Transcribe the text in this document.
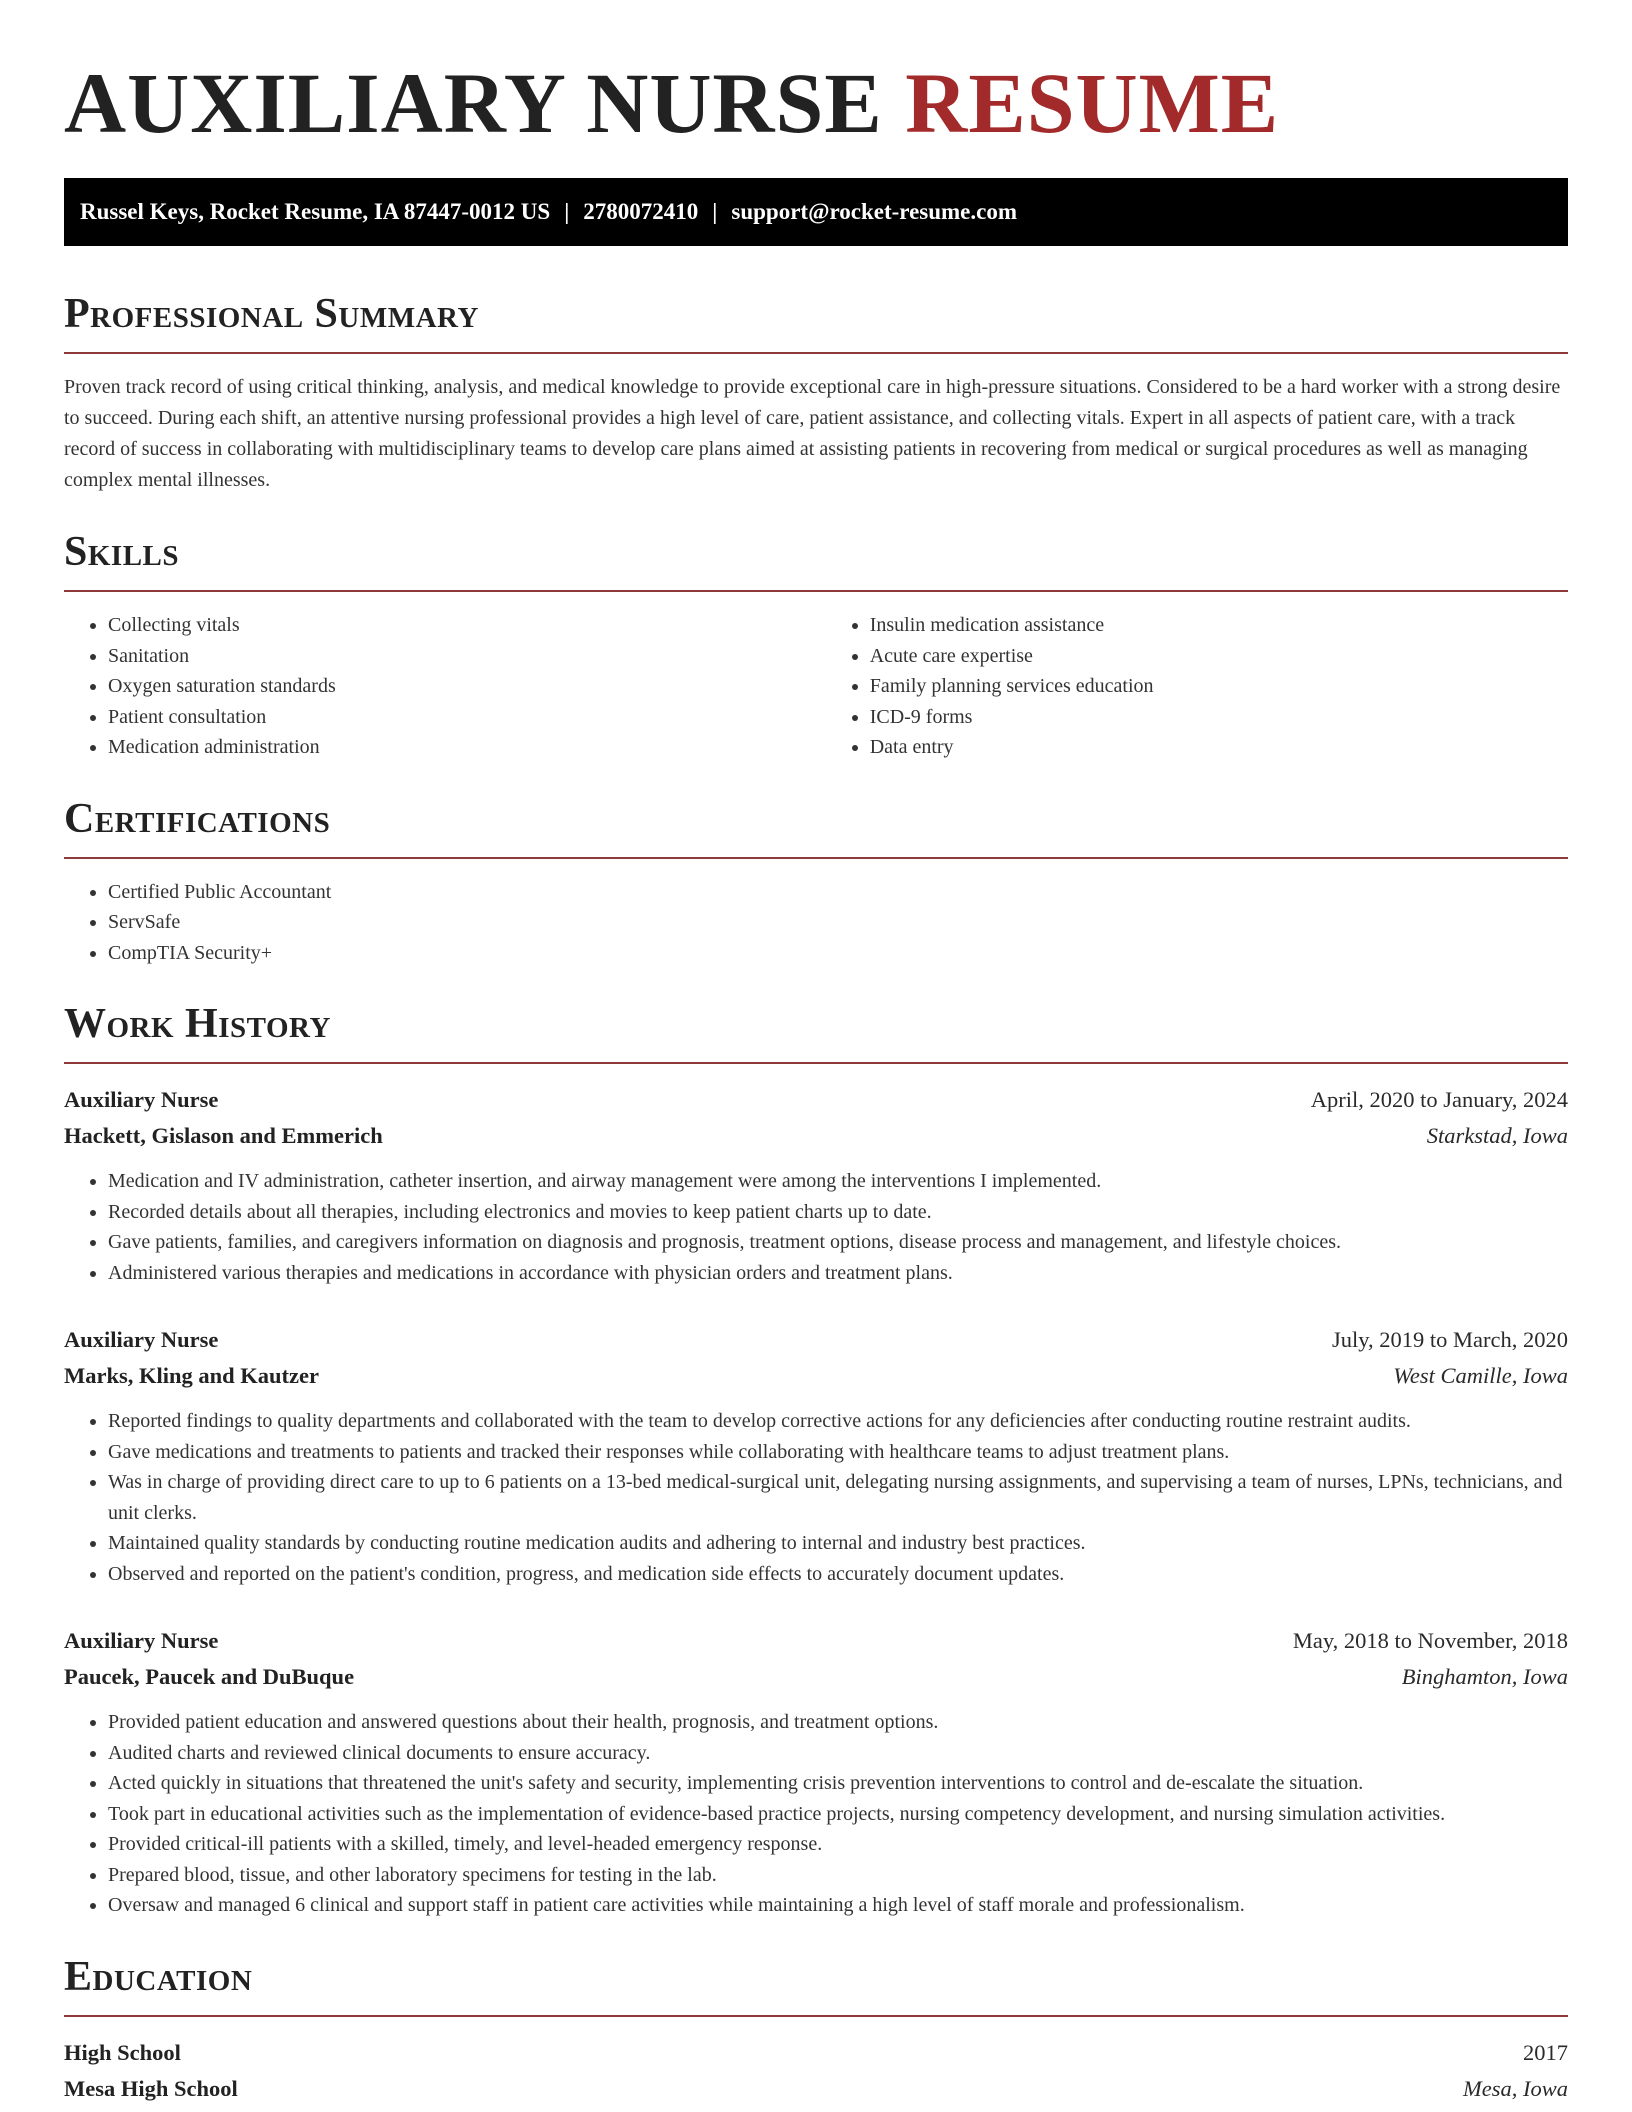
AUXILIARY NURSE RESUME
Russel Keys, Rocket Resume, IA 87447-0012 US | 2780072410 | support@rocket-resume.com
Professional Summary

Proven track record of using critical thinking, analysis, and medical knowledge to provide exceptional care in high-pressure situations. Considered to be a hard worker with a strong desire to succeed. During each shift, an attentive nursing professional provides a high level of care, patient assistance, and collecting vitals. Expert in all aspects of patient care, with a track record of success in collaborating with multidisciplinary teams to develop care plans aimed at assisting patients in recovering from medical or surgical procedures as well as managing complex mental illnesses.

Skills
• Collecting vitals
• Sanitation
• Oxygen saturation standards
• Patient consultation
• Medication administration
• Insulin medication assistance
• Acute care expertise
• Family planning services education
• ICD-9 forms
• Data entry
Certifications
• Certified Public Accountant
• ServSafe
• CompTIA Security+
Work History
Auxiliary Nurse	April, 2020 to January, 2024
Hackett, Gislason and Emmerich	Starkstad, Iowa
• Medication and IV administration, catheter insertion, and airway management were among the interventions I implemented.
• Recorded details about all therapies, including electronics and movies to keep patient charts up to date.
• Gave patients, families, and caregivers information on diagnosis and prognosis, treatment options, disease process and management, and lifestyle choices.
• Administered various therapies and medications in accordance with physician orders and treatment plans.
Auxiliary Nurse	July, 2019 to March, 2020
Marks, Kling and Kautzer	West Camille, Iowa
• Reported findings to quality departments and collaborated with the team to develop corrective actions for any deficiencies after conducting routine restraint audits.
• Gave medications and treatments to patients and tracked their responses while collaborating with healthcare teams to adjust treatment plans.
• Was in charge of providing direct care to up to 6 patients on a 13-bed medical-surgical unit, delegating nursing assignments, and supervising a team of nurses, LPNs, technicians, and unit clerks.
• Maintained quality standards by conducting routine medication audits and adhering to internal and industry best practices.
• Observed and reported on the patient's condition, progress, and medication side effects to accurately document updates.
Auxiliary Nurse	May, 2018 to November, 2018
Paucek, Paucek and DuBuque	Binghamton, Iowa
• Provided patient education and answered questions about their health, prognosis, and treatment options.
• Audited charts and reviewed clinical documents to ensure accuracy.
• Acted quickly in situations that threatened the unit's safety and security, implementing crisis prevention interventions to control and de-escalate the situation.
• Took part in educational activities such as the implementation of evidence-based practice projects, nursing competency development, and nursing simulation activities.
• Provided critical-ill patients with a skilled, timely, and level-headed emergency response.
• Prepared blood, tissue, and other laboratory specimens for testing in the lab.
• Oversaw and managed 6 clinical and support staff in patient care activities while maintaining a high level of staff morale and professionalism.
Education
High School	2017
Mesa High School	Mesa, Iowa
